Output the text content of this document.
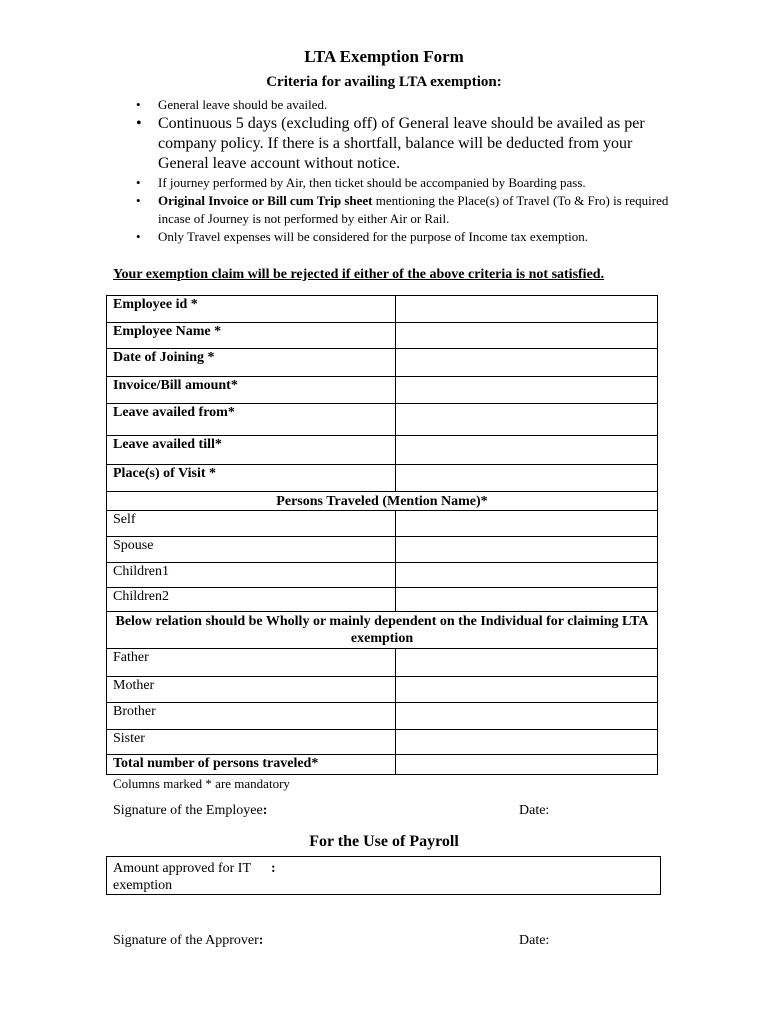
LTA Exemption Form
Criteria for availing LTA exemption:
• General leave should be availed.
• Continuous 5 days (excluding off) of General leave should be availed as per company policy. If there is a shortfall, balance will be deducted from your General leave account without notice.
• If journey performed by Air, then ticket should be accompanied by Boarding pass.
• Original Invoice or Bill cum Trip sheet mentioning the Place(s) of Travel (To & Fro) is required incase of Journey is not performed by either Air or Rail.
• Only Travel expenses will be considered for the purpose of Income tax exemption.
Your exemption claim will be rejected if either of the above criteria is not satisfied.
Employee id *	
Employee Name *	
Date of Joining *	
Invoice/Bill amount*	
Leave availed from*	
Leave availed till*	
Place(s) of Visit *	
Persons Traveled (Mention Name)*	
Self	
Spouse	
Children1	
Children2	
Below relation should be Wholly or mainly dependent on the Individual for claiming LTA exemption	
Father	
Mother	
Brother	
Sister	
Total number of persons traveled*	
Columns marked * are mandatory
Signature of the Employee:	Date:
For the Use of Payroll
Amount approved for IT exemption
:
Signature of the Approver:	Date:
